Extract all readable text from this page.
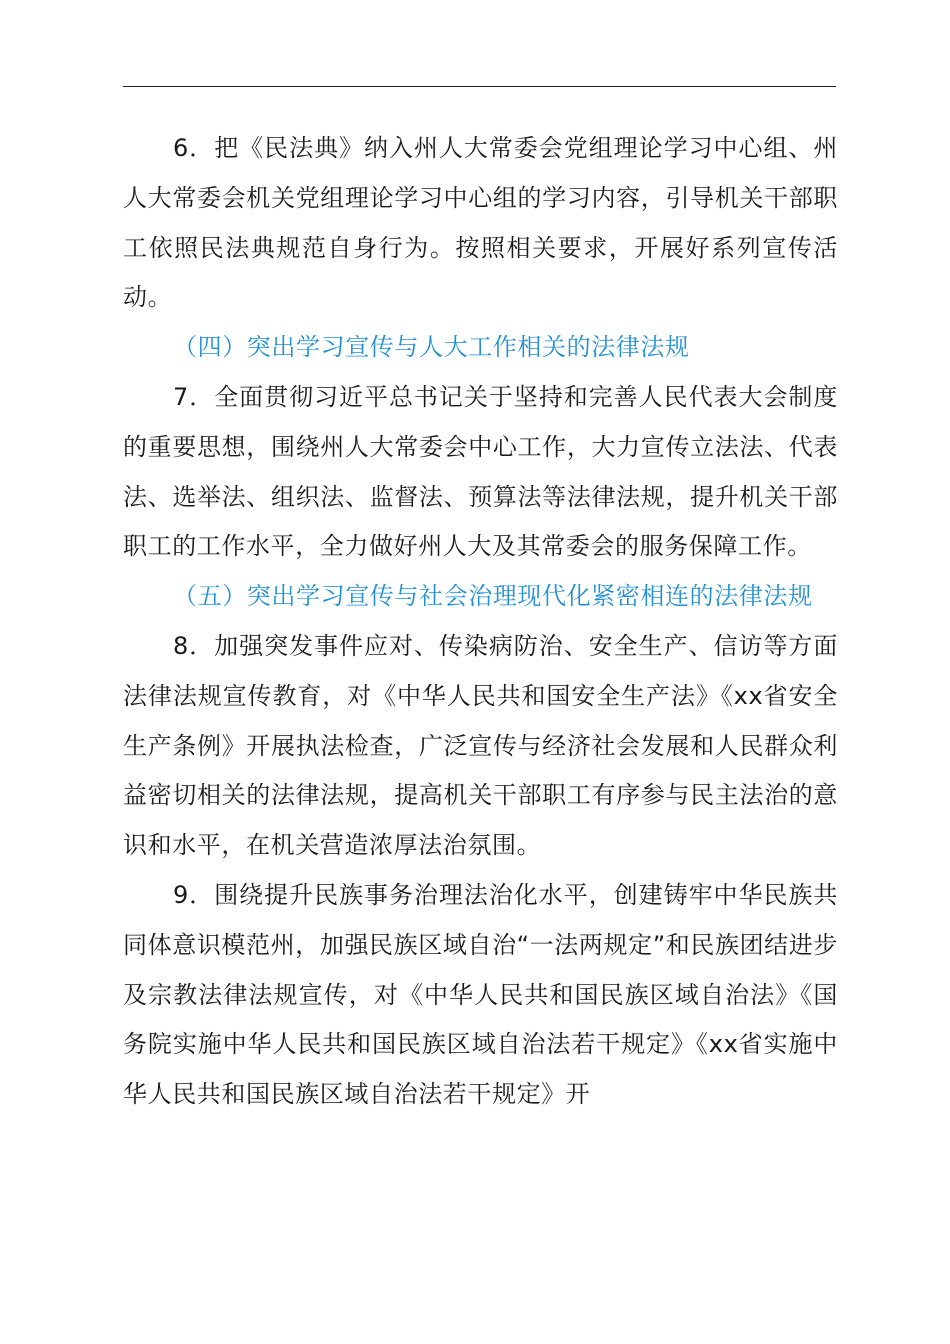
6．把《民法典》纳入州人大常委会党组理论学习中心组、州人大常委会机关党组理论学习中心组的学习内容，引导机关干部职工依照民法典规范自身行为。按照相关要求，开展好系列宣传活动。

（四）突出学习宣传与人大工作相关的法律法规

7．全面贯彻习近平总书记关于坚持和完善人民代表大会制度的重要思想，围绕州人大常委会中心工作，大力宣传立法法、代表法、选举法、组织法、监督法、预算法等法律法规，提升机关干部职工的工作水平，全力做好州人大及其常委会的服务保障工作。

（五）突出学习宣传与社会治理现代化紧密相连的法律法规

8．加强突发事件应对、传染病防治、安全生产、信访等方面法律法规宣传教育，对《中华人民共和国安全生产法》《xx省安全生产条例》开展执法检查，广泛宣传与经济社会发展和人民群众利益密切相关的法律法规，提高机关干部职工有序参与民主法治的意识和水平，在机关营造浓厚法治氛围。

9．围绕提升民族事务治理法治化水平，创建铸牢中华民族共同体意识模范州，加强民族区域自治“一法两规定”和民族团结进步及宗教法律法规宣传，对《中华人民共和国民族区域自治法》《国务院实施中华人民共和国民族区域自治法若干规定》《xx省实施中华人民共和国民族区域自治法若干规定》开
